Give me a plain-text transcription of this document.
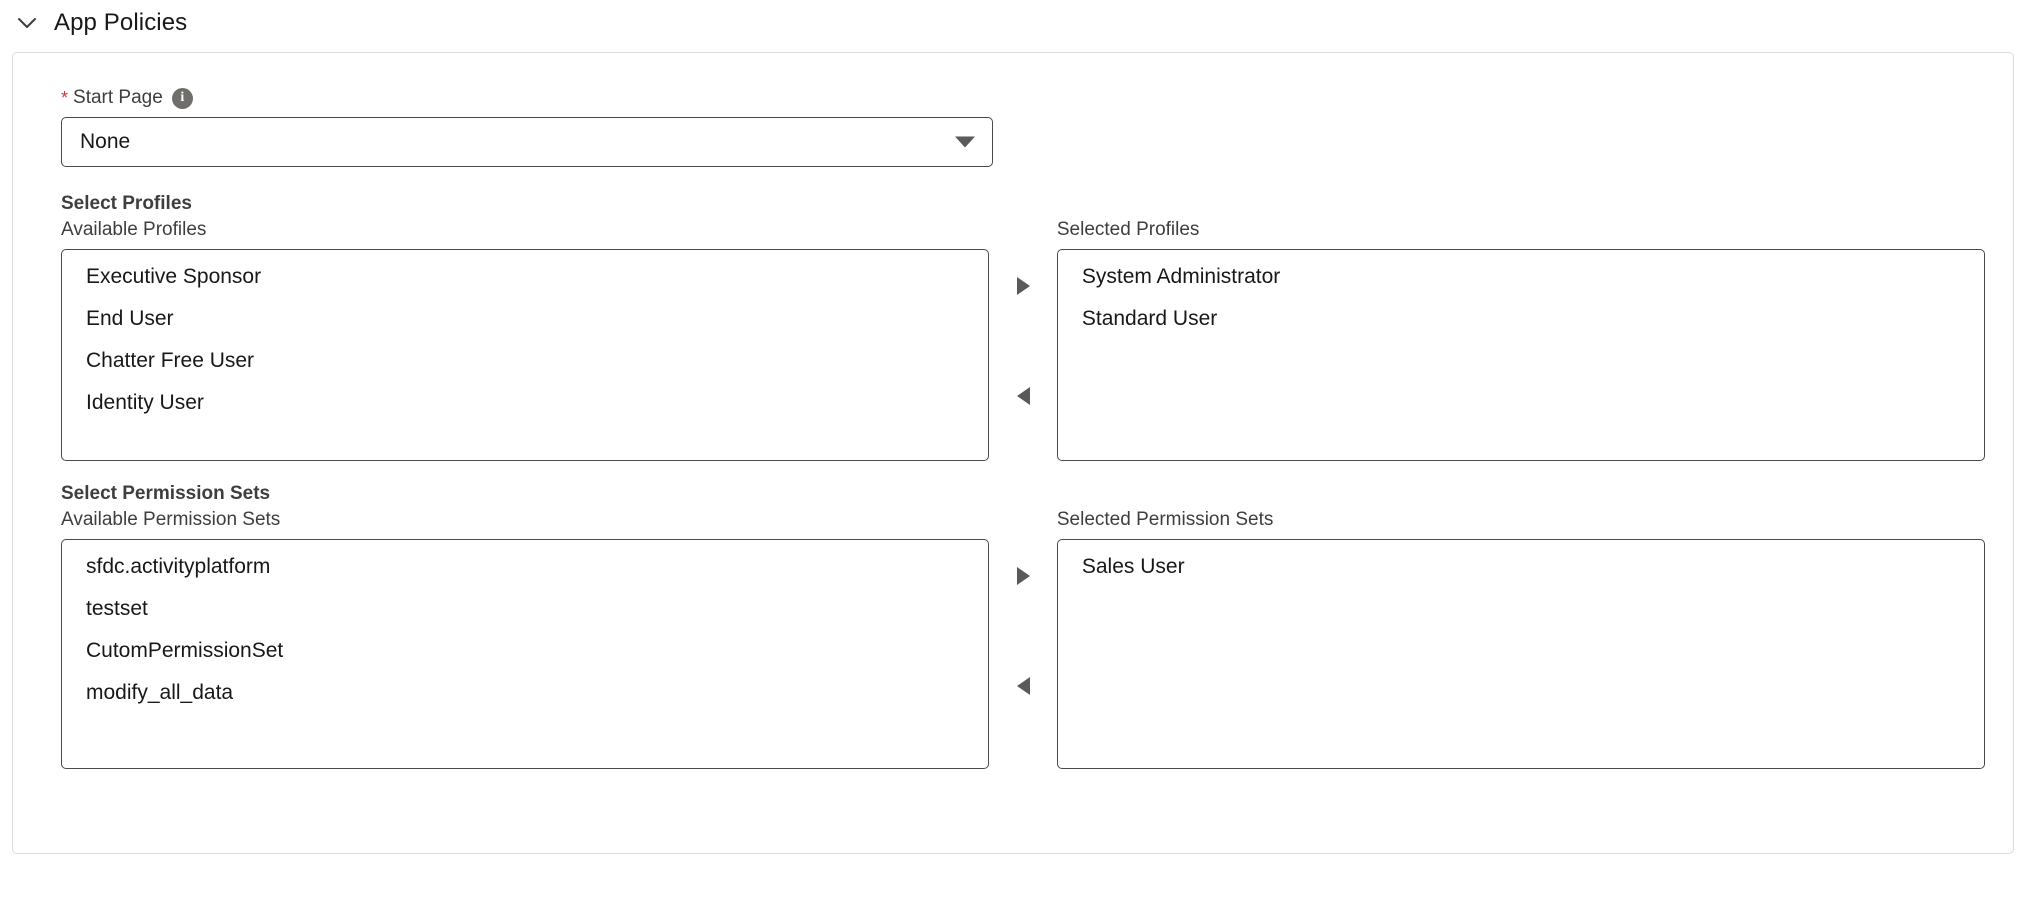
App Policies
* Start Page	i
None
Select Profiles
Available Profiles
Executive Sponsor
End User
Chatter Free User
Identity User
Selected Profiles
System Administrator
Standard User
Select Permission Sets
Available Permission Sets
sfdc.activityplatform
testset
CutomPermissionSet
modify_all_data
Selected Permission Sets
Sales User
